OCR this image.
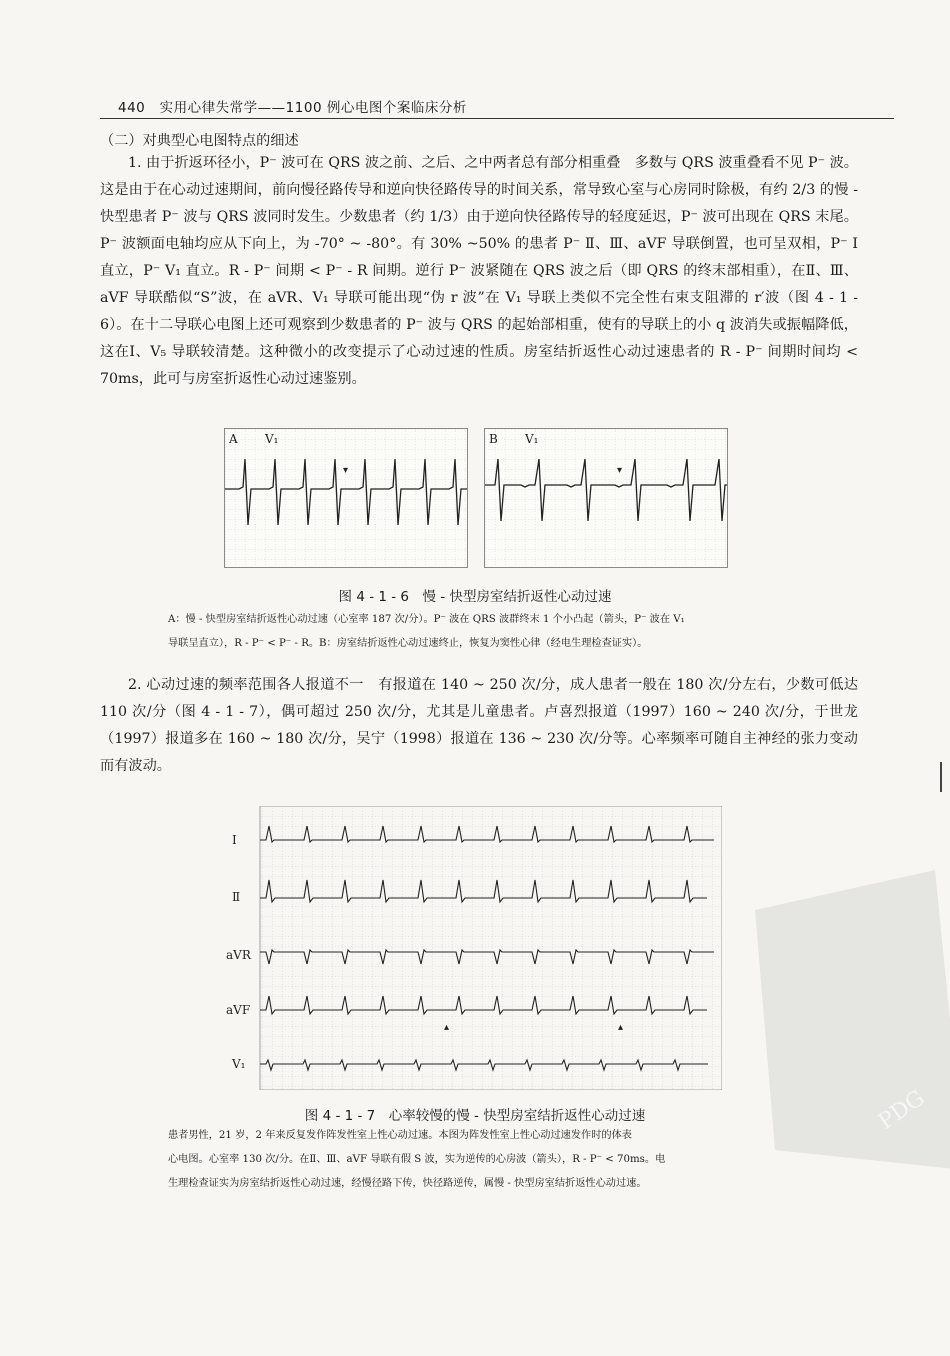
440 实用心律失常学——1100 例心电图个案临床分析
（二）对典型心电图特点的细述
1. 由于折返环径小，P⁻ 波可在 QRS 波之前、之后、之中两者总有部分相重叠　多数与 QRS 波重叠看不见 P⁻ 波。这是由于在心动过速期间，前向慢径路传导和逆向快径路传导的时间关系，常导致心室与心房同时除极，有约 2/3 的慢 - 快型患者 P⁻ 波与 QRS 波同时发生。少数患者（约 1/3）由于逆向快径路传导的轻度延迟，P⁻ 波可出现在 QRS 末尾。P⁻ 波额面电轴均应从下向上，为 -70° ~ -80°。有 30% ~50% 的患者 P⁻ Ⅱ、Ⅲ、aVF 导联倒置，也可呈双相，P⁻ Ⅰ 直立，P⁻ V₁ 直立。R - P⁻ 间期 < P⁻ - R 间期。逆行 P⁻ 波紧随在 QRS 波之后（即 QRS 的终末部相重），在Ⅱ、Ⅲ、aVF 导联酷似“S”波，在 aVR、V₁ 导联可能出现“伪 r 波”在 V₁ 导联上类似不完全性右束支阻滞的 r′波（图 4 - 1 - 6）。在十二导联心电图上还可观察到少数患者的 P⁻ 波与 QRS 的起始部相重，使有的导联上的小 q 波消失或振幅降低，这在Ⅰ、V₅ 导联较清楚。这种微小的改变提示了心动过速的性质。房室结折返性心动过速患者的 R - P⁻ 间期时间均 < 70ms，此可与房室折返性心动过速鉴别。
A V₁
▾
B V₁
▾
图 4 - 1 - 6　慢 - 快型房室结折返性心动过速
A：慢 - 快型房室结折返性心动过速（心室率 187 次/分）。P⁻ 波在 QRS 波群终末 1 个小凸起（箭头，P⁻ 波在 V₁
导联呈直立），R - P⁻ < P⁻ - R。B：房室结折返性心动过速终止，恢复为窦性心律（经电生理检查证实）。
2. 心动过速的频率范围各人报道不一　有报道在 140 ~ 250 次/分，成人患者一般在 180 次/分左右，少数可低达 110 次/分（图 4 - 1 - 7），偶可超过 250 次/分，尤其是儿童患者。卢喜烈报道（1997）160 ~ 240 次/分，于世龙（1997）报道多在 160 ~ 180 次/分，吴宁（1998）报道在 136 ~ 230 次/分等。心率频率可随自主神经的张力变动而有波动。
Ⅰ
Ⅱ
aVR
aVF
V₁
▴	▴
图 4 - 1 - 7　心率较慢的慢 - 快型房室结折返性心动过速
患者男性，21 岁，2 年来反复发作阵发性室上性心动过速。本图为阵发性室上性心动过速发作时的体表
心电图。心室率 130 次/分。在Ⅱ、Ⅲ、aVF 导联有假 S 波，实为逆传的心房波（箭头），R - P⁻ < 70ms。电
生理检查证实为房室结折返性心动过速，经慢径路下传，快径路逆传，属慢 - 快型房室结折返性心动过速。
PDG
